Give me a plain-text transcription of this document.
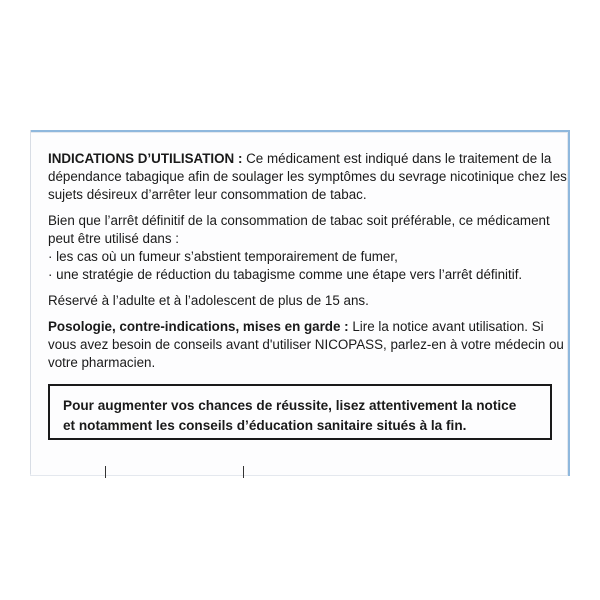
INDICATIONS D’UTILISATION : Ce médicament est indiqué dans le traitement de la dépendance tabagique afin de soulager les symptômes du sevrage nicotinique chez les sujets désireux d’arrêter leur consommation de tabac.

Bien que l’arrêt définitif de la consommation de tabac soit préférable, ce médicament peut être utilisé dans :

· les cas où un fumeur s’abstient temporairement de fumer,
· une stratégie de réduction du tabagisme comme une étape vers l’arrêt définitif.

Réservé à l’adulte et à l’adolescent de plus de 15 ans.

Posologie, contre-indications, mises en garde : Lire la notice avant utilisation. Si vous avez besoin de conseils avant d'utiliser NICOPASS, parlez-en à votre médecin ou votre pharmacien.

Pour augmenter vos chances de réussite, lisez attentivement la notice
et notamment les conseils d’éducation sanitaire situés à la fin.
